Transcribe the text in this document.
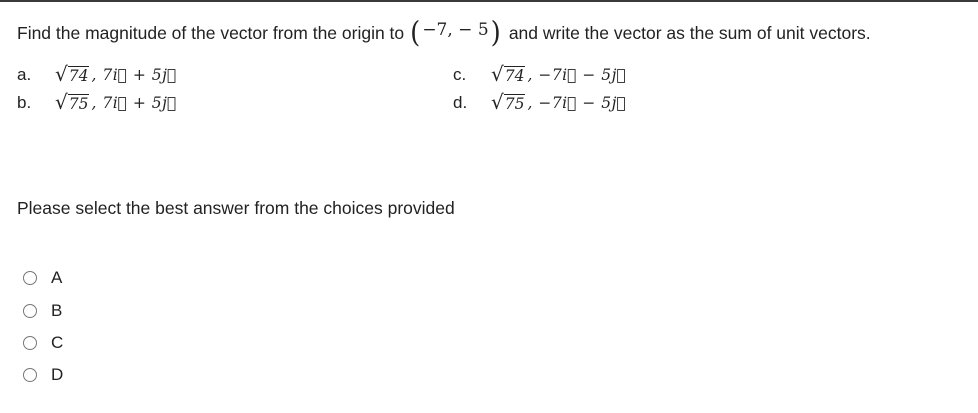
Find the magnitude of the vector from the origin to ( −7, − 5 ) and write the vector as the sum of unit vectors.
a.	√ 74 , 7i⃗ + 5j⃗	c.	√ 74 , −7i⃗ − 5j⃗
b.	√ 75 , 7i⃗ + 5j⃗	d.	√ 75 , −7i⃗ − 5j⃗
Please select the best answer from the choices provided
A
B
C
D
